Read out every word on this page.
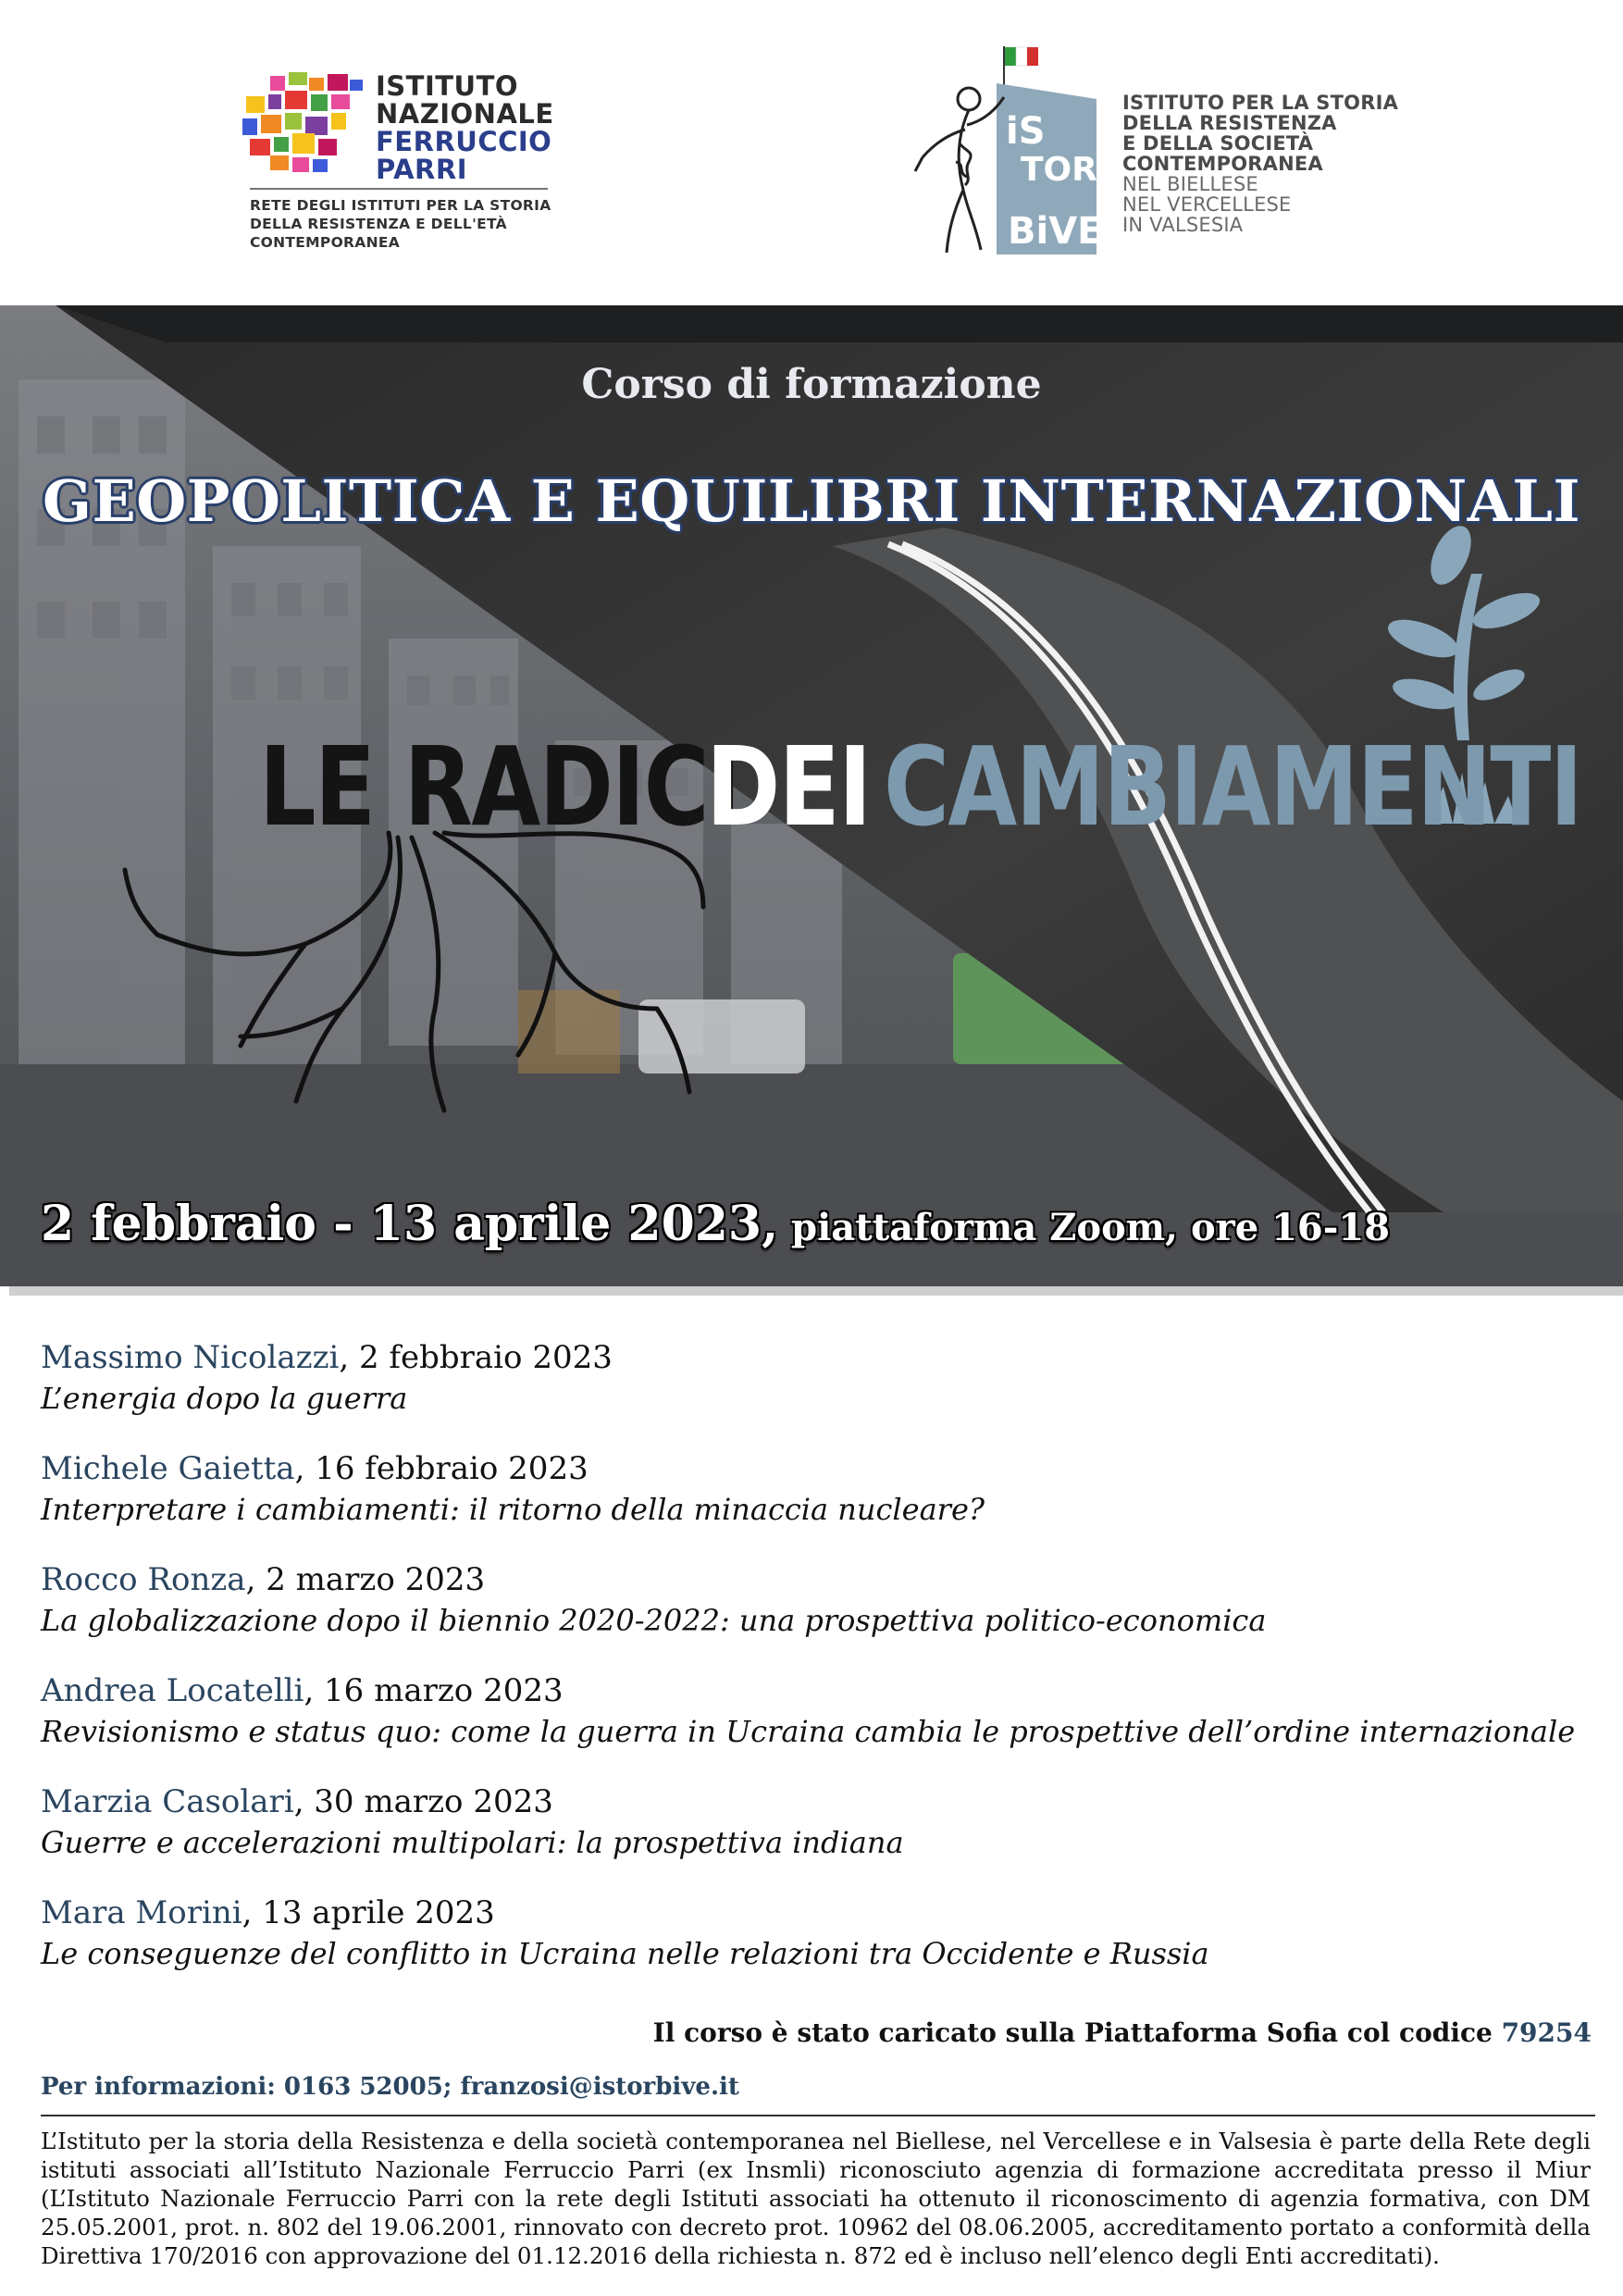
ISTITUTO
NAZIONALE
FERRUCCIO
PARRI
RETE DEGLI ISTITUTI PER LA STORIA
DELLA RESISTENZA E DELL'ETÀ
CONTEMPORANEA
iS
TOR
BiVE.
ISTITUTO PER LA STORIA
DELLA RESISTENZA
E DELLA SOCIETÀ
CONTEMPORANEA
NEL BIELLESE
NEL VERCELLESE
IN VALSESIA
Corso di formazione
GEOPOLITICA E EQUILIBRI INTERNAZIONALI
LE RADICI
DEI CAMBIAMENTI
2 febbraio - 13 aprile 2023, piattaforma Zoom, ore 16-18
Massimo Nicolazzi, 2 febbraio 2023
L’energia dopo la guerra
Michele Gaietta, 16 febbraio 2023
Interpretare i cambiamenti: il ritorno della minaccia nucleare?
Rocco Ronza, 2 marzo 2023
La globalizzazione dopo il biennio 2020-2022: una prospettiva politico-economica
Andrea Locatelli, 16 marzo 2023
Revisionismo e status quo: come la guerra in Ucraina cambia le prospettive dell’ordine internazionale
Marzia Casolari, 30 marzo 2023
Guerre e accelerazioni multipolari: la prospettiva indiana
Mara Morini, 13 aprile 2023
Le conseguenze del conflitto in Ucraina nelle relazioni tra Occidente e Russia
Il corso è stato caricato sulla Piattaforma Sofia col codice 79254
Per informazioni: 0163 52005; franzosi@istorbive.it
L’Istituto per la storia della Resistenza e della società contemporanea nel Biellese, nel Vercellese e in Valsesia è parte della Rete degli istituti associati all’Istituto Nazionale Ferruccio Parri (ex Insmli) riconosciuto agenzia di formazione accreditata presso il Miur (L’Istituto Nazionale Ferruccio Parri con la rete degli Istituti associati ha ottenuto il riconoscimento di agenzia formativa, con DM 25.05.2001, prot. n. 802 del 19.06.2001, rinnovato con decreto prot. 10962 del 08.06.2005, accreditamento portato a conformità della Direttiva 170/2016 con approvazione del 01.12.2016 della richiesta n. 872 ed è incluso nell’elenco degli Enti accreditati).
